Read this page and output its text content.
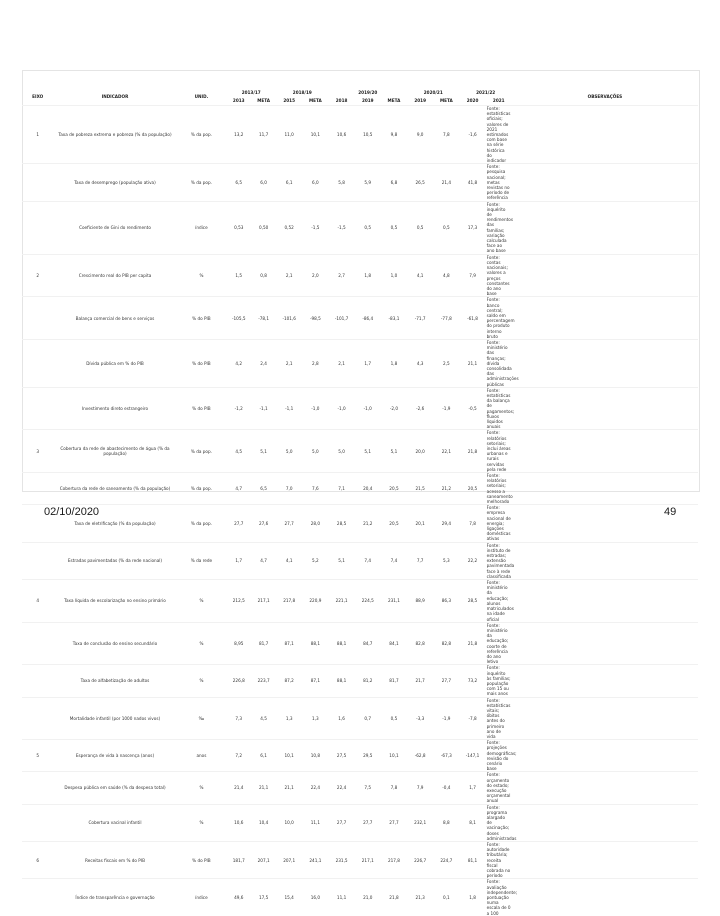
EIXO	INDICADOR	UNID.	2013/17		2018/19		2019/20			2020/21		2021/22		OBSERVAÇÕES
			2013	META	2015	META	2018	2019	META	2019	META	2020	2021	
1	Taxa de pobreza extrema e pobreza (% da população)	% da pop.	13,2	11,7	11,0	10,1	10,6	10,5	9,8	9,0	7,8	-1,6	Fonte: estatísticas oficiais; valores de 2021 estimados com base na série histórica do indicador	
	Taxa de desemprego (população ativa)	% da pop.	6,5	6,0	6,1	6,0	5,8	5,9	6,8	26,5	21,4	41,8	Fonte: pesquisa nacional; metas revistas no período de referência	
	Coeficiente de Gini do rendimento	índice	0,53	0,50	0,52	-1,5	-1,5	0,5	0,5	0,5	0,5	17,3	Fonte: inquérito de rendimentos das famílias; variação calculada face ao ano base	
2	Crescimento real do PIB per capita	%	1,5	0,8	2,1	2,0	2,7	1,8	1,0	4,1	4,8	7,9	Fonte: contas nacionais; valores a preços constantes do ano base	
	Balança comercial de bens e serviços	% do PIB	-105,5	-78,1	-101,6	-98,5	-101,7	-86,4	-83,1	-71,7	-77,8	-61,8	Fonte: banco central; saldo em percentagem do produto interno bruto	
	Dívida pública em % do PIB	% do PIB	4,2	2,4	2,1	2,8	2,1	1,7	1,8	4,3	2,5	21,1	Fonte: ministério das finanças; dívida consolidada das administrações públicas	
	Investimento direto estrangeiro	% do PIB	-1,2	-1,1	-1,1	-1,0	-1,0	-1,0	-2,0	-2,6	-1,9	-0,5	Fonte: estatísticas da balança de pagamentos; fluxos líquidos anuais	
3	Cobertura da rede de abastecimento de água (% da população)	% da pop.	4,5	5,1	5,0	5,0	5,0	5,1	5,1	20,0	22,1	21,8	Fonte: relatórios setoriais; inclui áreas urbanas e rurais servidas pela rede	
	Cobertura da rede de saneamento (% da população)	% da pop.	4,7	6,5	7,0	7,6	7,1	20,4	20,5	21,5	21,2	20,5	Fonte: relatórios setoriais; acesso a saneamento melhorado	
	Taxa de eletrificação (% da população)	% da pop.	27,7	27,6	27,7	28,0	28,5	21,2	20,5	20,1	29,4	7,8	Fonte: empresa nacional de energia; ligações domésticas ativas	
	Estradas pavimentadas (% da rede nacional)	% da rede	1,7	4,7	4,1	5,2	5,1	7,4	7,4	7,7	5,3	22,2	Fonte: instituto de estradas; extensão pavimentada face à rede classificada	
4	Taxa líquida de escolarização no ensino primário	%	212,5	217,1	217,8	220,9	221,1	224,5	231,1	88,9	86,3	28,5	Fonte: ministério da educação; alunos matriculados na idade oficial	
	Taxa de conclusão do ensino secundário	%	8,95	81,7	87,1	88,1	88,1	84,7	84,1	82,8	82,8	21,8	Fonte: ministério da educação; coorte de referência do ano letivo	
	Taxa de alfabetização de adultos	%	226,8	223,7	87,2	87,1	88,1	81,2	81,7	21,7	27,7	73,2	Fonte: inquérito às famílias; população com 15 ou mais anos	
	Mortalidade infantil (por 1000 nados vivos)	‰	7,3	4,5	1,3	1,3	1,6	0,7	0,5	-3,3	-1,9	-7,8	Fonte: estatísticas vitais; óbitos antes do primeiro ano de vida	
5	Esperança de vida à nascença (anos)	anos	7,2	6,1	10,1	10,8	27,5	29,5	10,1	-62,8	-67,3	-147,1	Fonte: projeções demográficas; revisão do cenário base	
	Despesa pública em saúde (% da despesa total)	%	21,4	21,1	21,1	22,4	22,4	7,5	7,8	7,9	-0,4	1,7	Fonte: orçamento do estado; execução orçamental anual	
	Cobertura vacinal infantil	%	10,6	10,4	10,0	11,1	27,7	27,7	27,7	232,1	8,8	8,1	Fonte: programa alargado de vacinação; doses administradas	
6	Receitas fiscais em % do PIB	% do PIB	181,7	207,1	207,1	241,1	231,5	217,1	217,8	226,7	224,7	81,1	Fonte: autoridade tributária; receita fiscal cobrada no período	
	Índice de transparência e governação	índice	49,6	17,5	15,4	16,0	11,1	21,0	21,8	21,3	0,1	1,8	Fonte: avaliação independente; pontuação numa escala de 0 a 100	
02/10/2020	49
